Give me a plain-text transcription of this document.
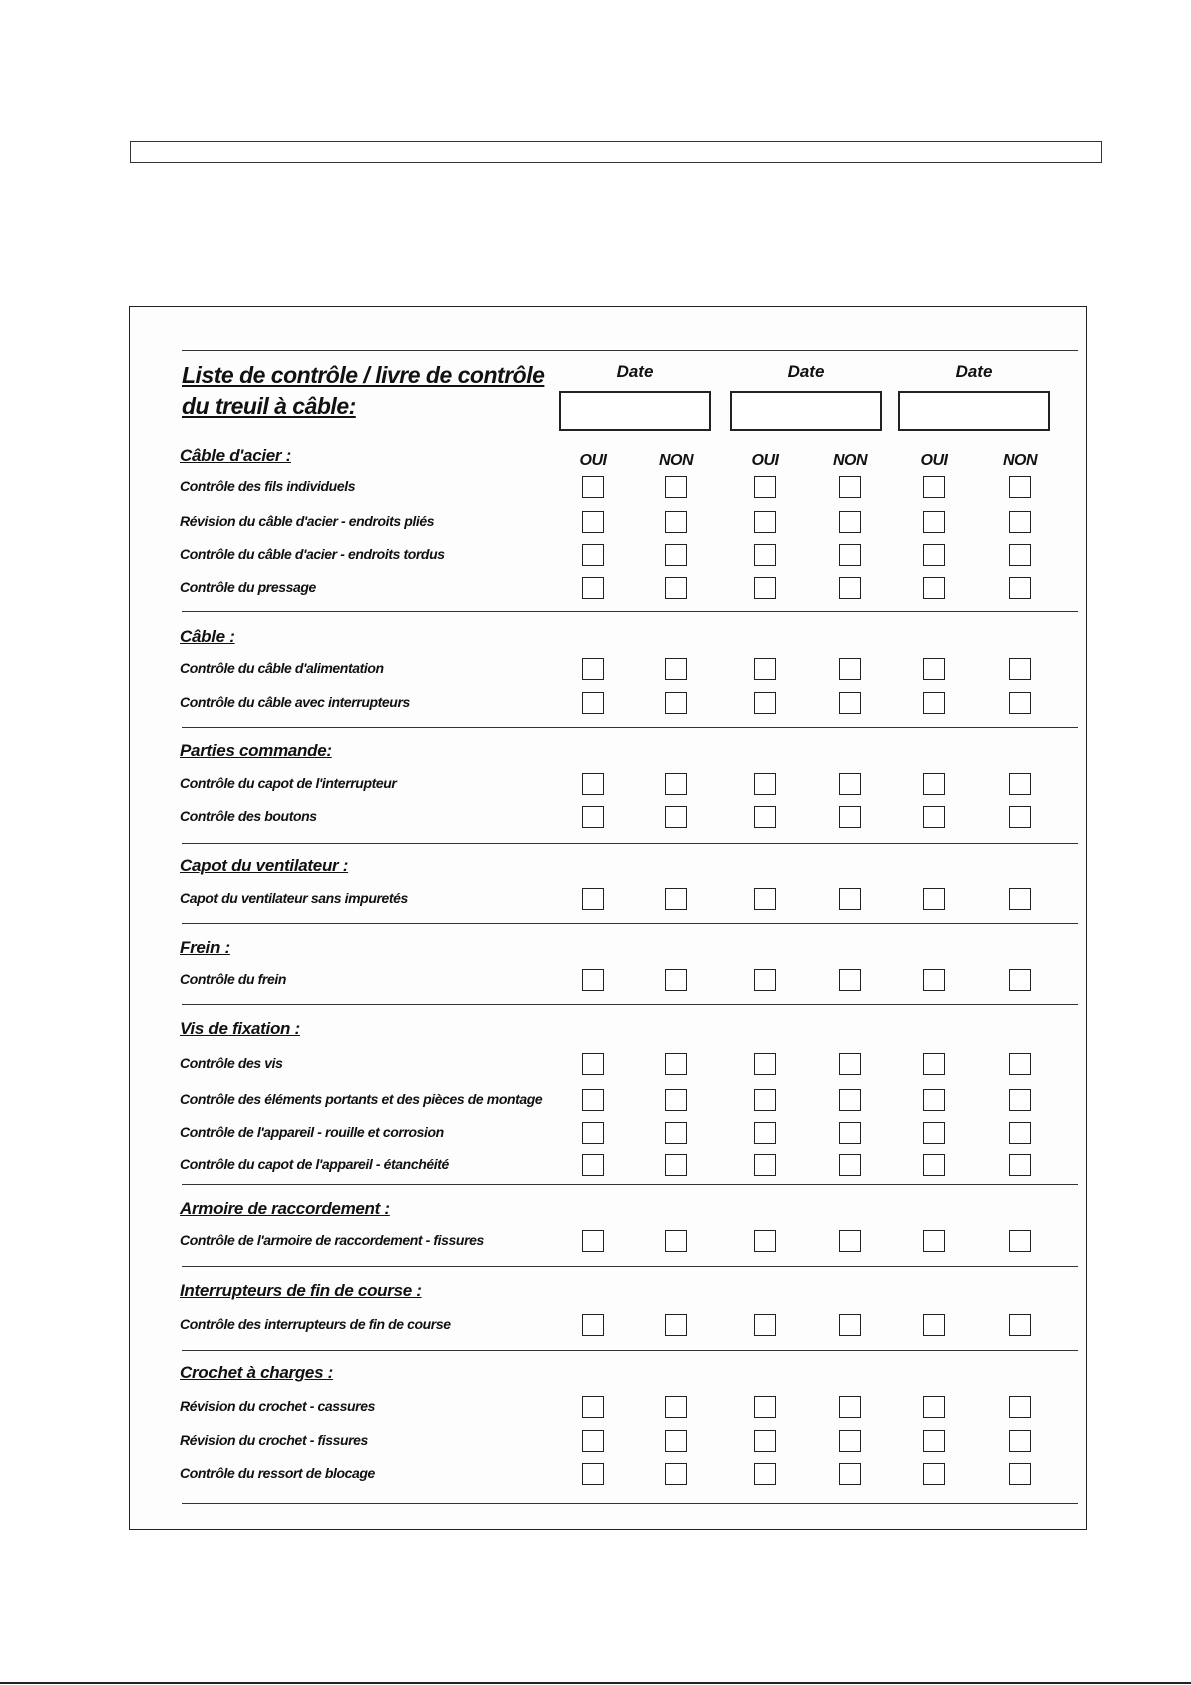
Liste de contrôle / livre de contrôle
du treuil à câble:
Date	Date	Date
OUI	NON	OUI	NON	OUI	NON
Câble d'acier :
Contrôle des fils individuels
Révision du câble d'acier - endroits pliés
Contrôle du câble d'acier - endroits tordus
Contrôle du pressage
Câble :
Contrôle du câble d'alimentation
Contrôle du câble avec interrupteurs
Parties commande:
Contrôle du capot de l'interrupteur
Contrôle des boutons
Capot du ventilateur :
Capot du ventilateur sans impuretés
Frein :
Contrôle du frein
Vis de fixation :
Contrôle des vis
Contrôle des éléments portants et des pièces de montage
Contrôle de l'appareil - rouille et corrosion
Contrôle du capot de l'appareil - étanchéité
Armoire de raccordement :
Contrôle de l'armoire de raccordement - fissures
Interrupteurs de fin de course :
Contrôle des interrupteurs de fin de course
Crochet à charges :
Révision du crochet - cassures
Révision du crochet - fissures
Contrôle du ressort de blocage
